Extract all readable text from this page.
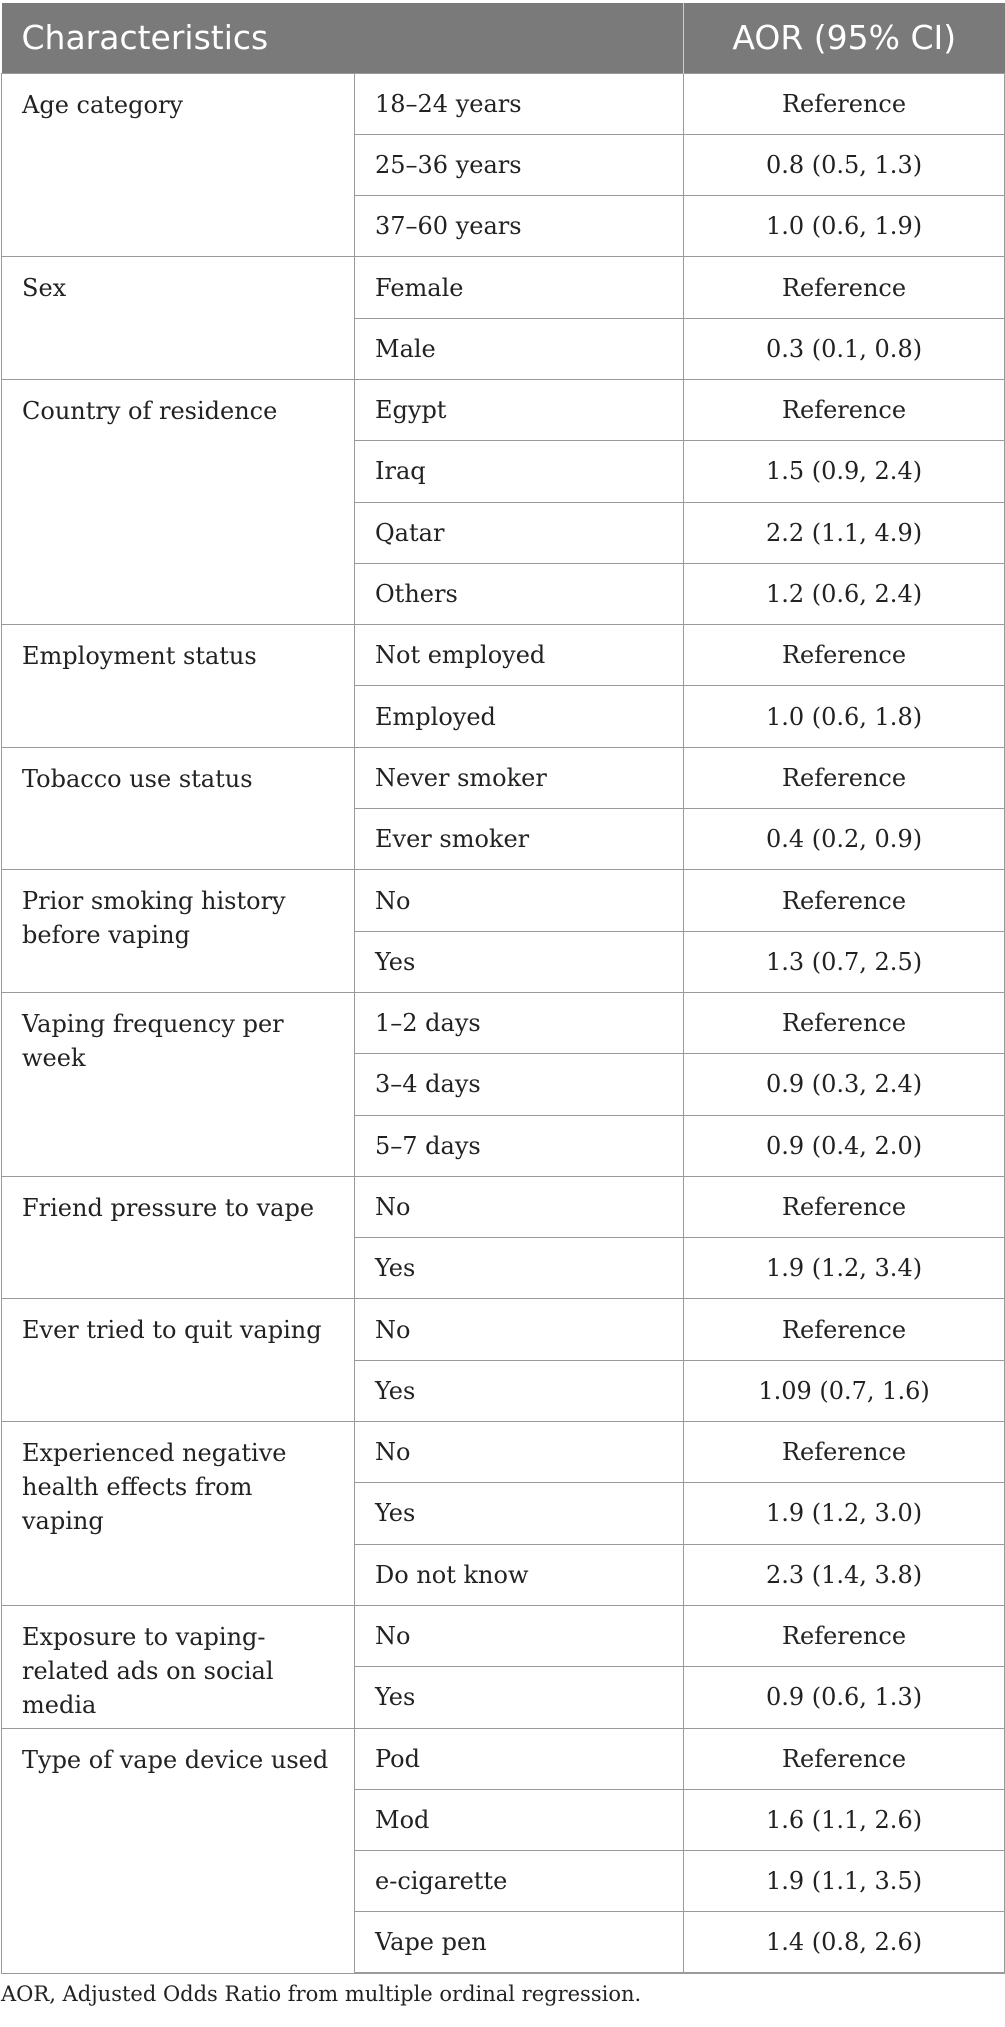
Characteristics		AOR (95% CI)
Age category	18–24 years	Reference
	25–36 years	0.8 (0.5, 1.3)
	37–60 years	1.0 (0.6, 1.9)
Sex	Female	Reference
	Male	0.3 (0.1, 0.8)
Country of residence	Egypt	Reference
	Iraq	1.5 (0.9, 2.4)
	Qatar	2.2 (1.1, 4.9)
	Others	1.2 (0.6, 2.4)
Employment status	Not employed	Reference
	Employed	1.0 (0.6, 1.8)
Tobacco use status	Never smoker	Reference
	Ever smoker	0.4 (0.2, 0.9)
Prior smoking history before vaping	No	Reference
	Yes	1.3 (0.7, 2.5)
Vaping frequency per week	1–2 days	Reference
	3–4 days	0.9 (0.3, 2.4)
	5–7 days	0.9 (0.4, 2.0)
Friend pressure to vape	No	Reference
	Yes	1.9 (1.2, 3.4)
Ever tried to quit vaping	No	Reference
	Yes	1.09 (0.7, 1.6)
Experienced negative health effects from vaping	No	Reference
	Yes	1.9 (1.2, 3.0)
	Do not know	2.3 (1.4, 3.8)
Exposure to vaping-related ads on social media	No	Reference
	Yes	0.9 (0.6, 1.3)
Type of vape device used	Pod	Reference
	Mod	1.6 (1.1, 2.6)
	e-cigarette	1.9 (1.1, 3.5)
	Vape pen	1.4 (0.8, 2.6)
AOR, Adjusted Odds Ratio from multiple ordinal regression.
